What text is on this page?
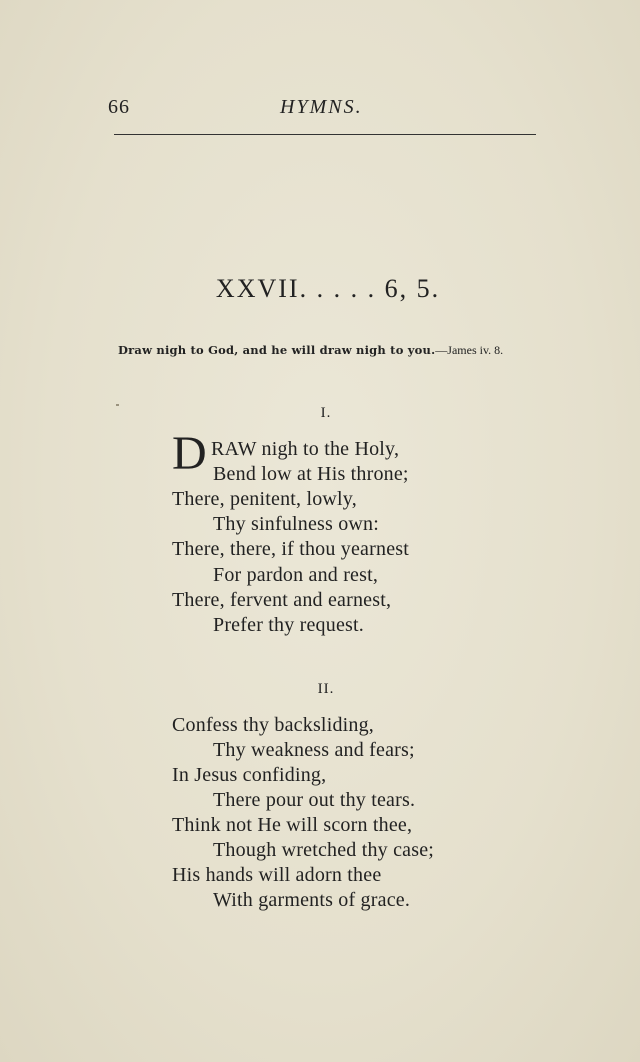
66	HYMNS.
XXVII. . . . . 6, 5.
Draw nigh to God, and he will draw nigh to you.—James iv. 8.
I.
D RAW nigh to the Holy,
Bend low at His throne;
There, penitent, lowly,
Thy sinfulness own:
There, there, if thou yearnest
For pardon and rest,
There, fervent and earnest,
Prefer thy request.
II.
Confess thy backsliding,
Thy weakness and fears;
In Jesus confiding,
There pour out thy tears.
Think not He will scorn thee,
Though wretched thy case;
His hands will adorn thee
With garments of grace.
